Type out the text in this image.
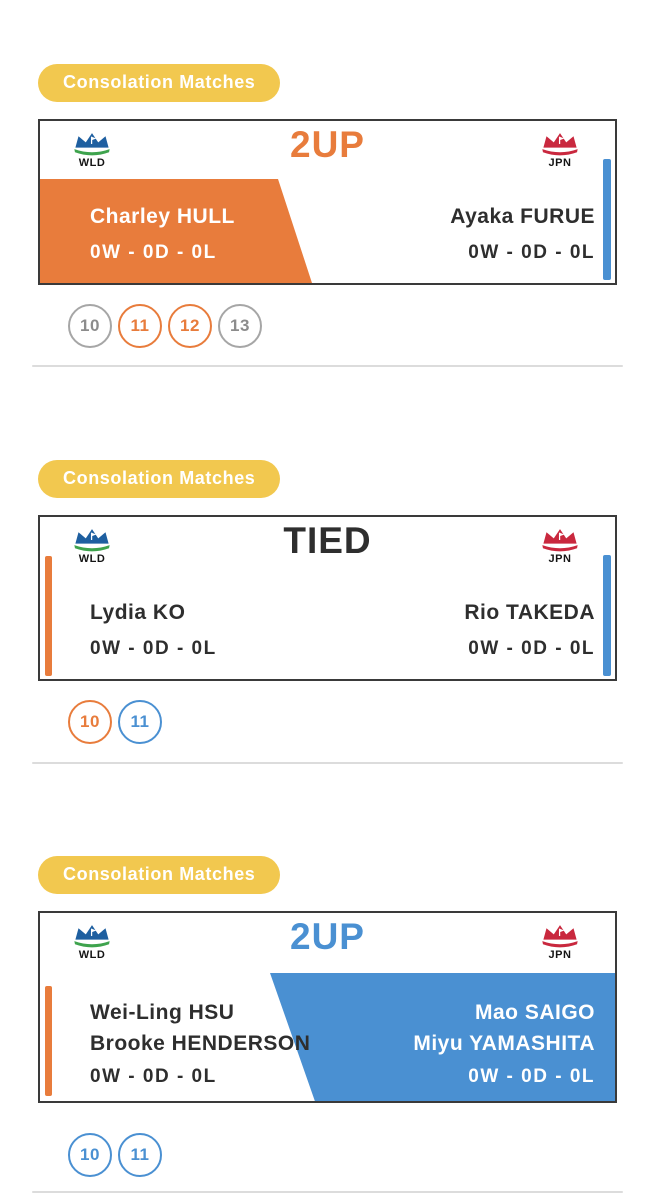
Consolation Matches
WLD	2UP	JPN
Charley HULL
0W - 0D - 0L
Ayaka FURUE
0W - 0D - 0L
10	11	12	13
Consolation Matches
WLD	TIED	JPN
Lydia KO
0W - 0D - 0L
Rio TAKEDA
0W - 0D - 0L
10	11
Consolation Matches
WLD	2UP	JPN
Wei-Ling HSU
Brooke HENDERSON
0W - 0D - 0L
Mao SAIGO
Miyu YAMASHITA
0W - 0D - 0L
10	11
